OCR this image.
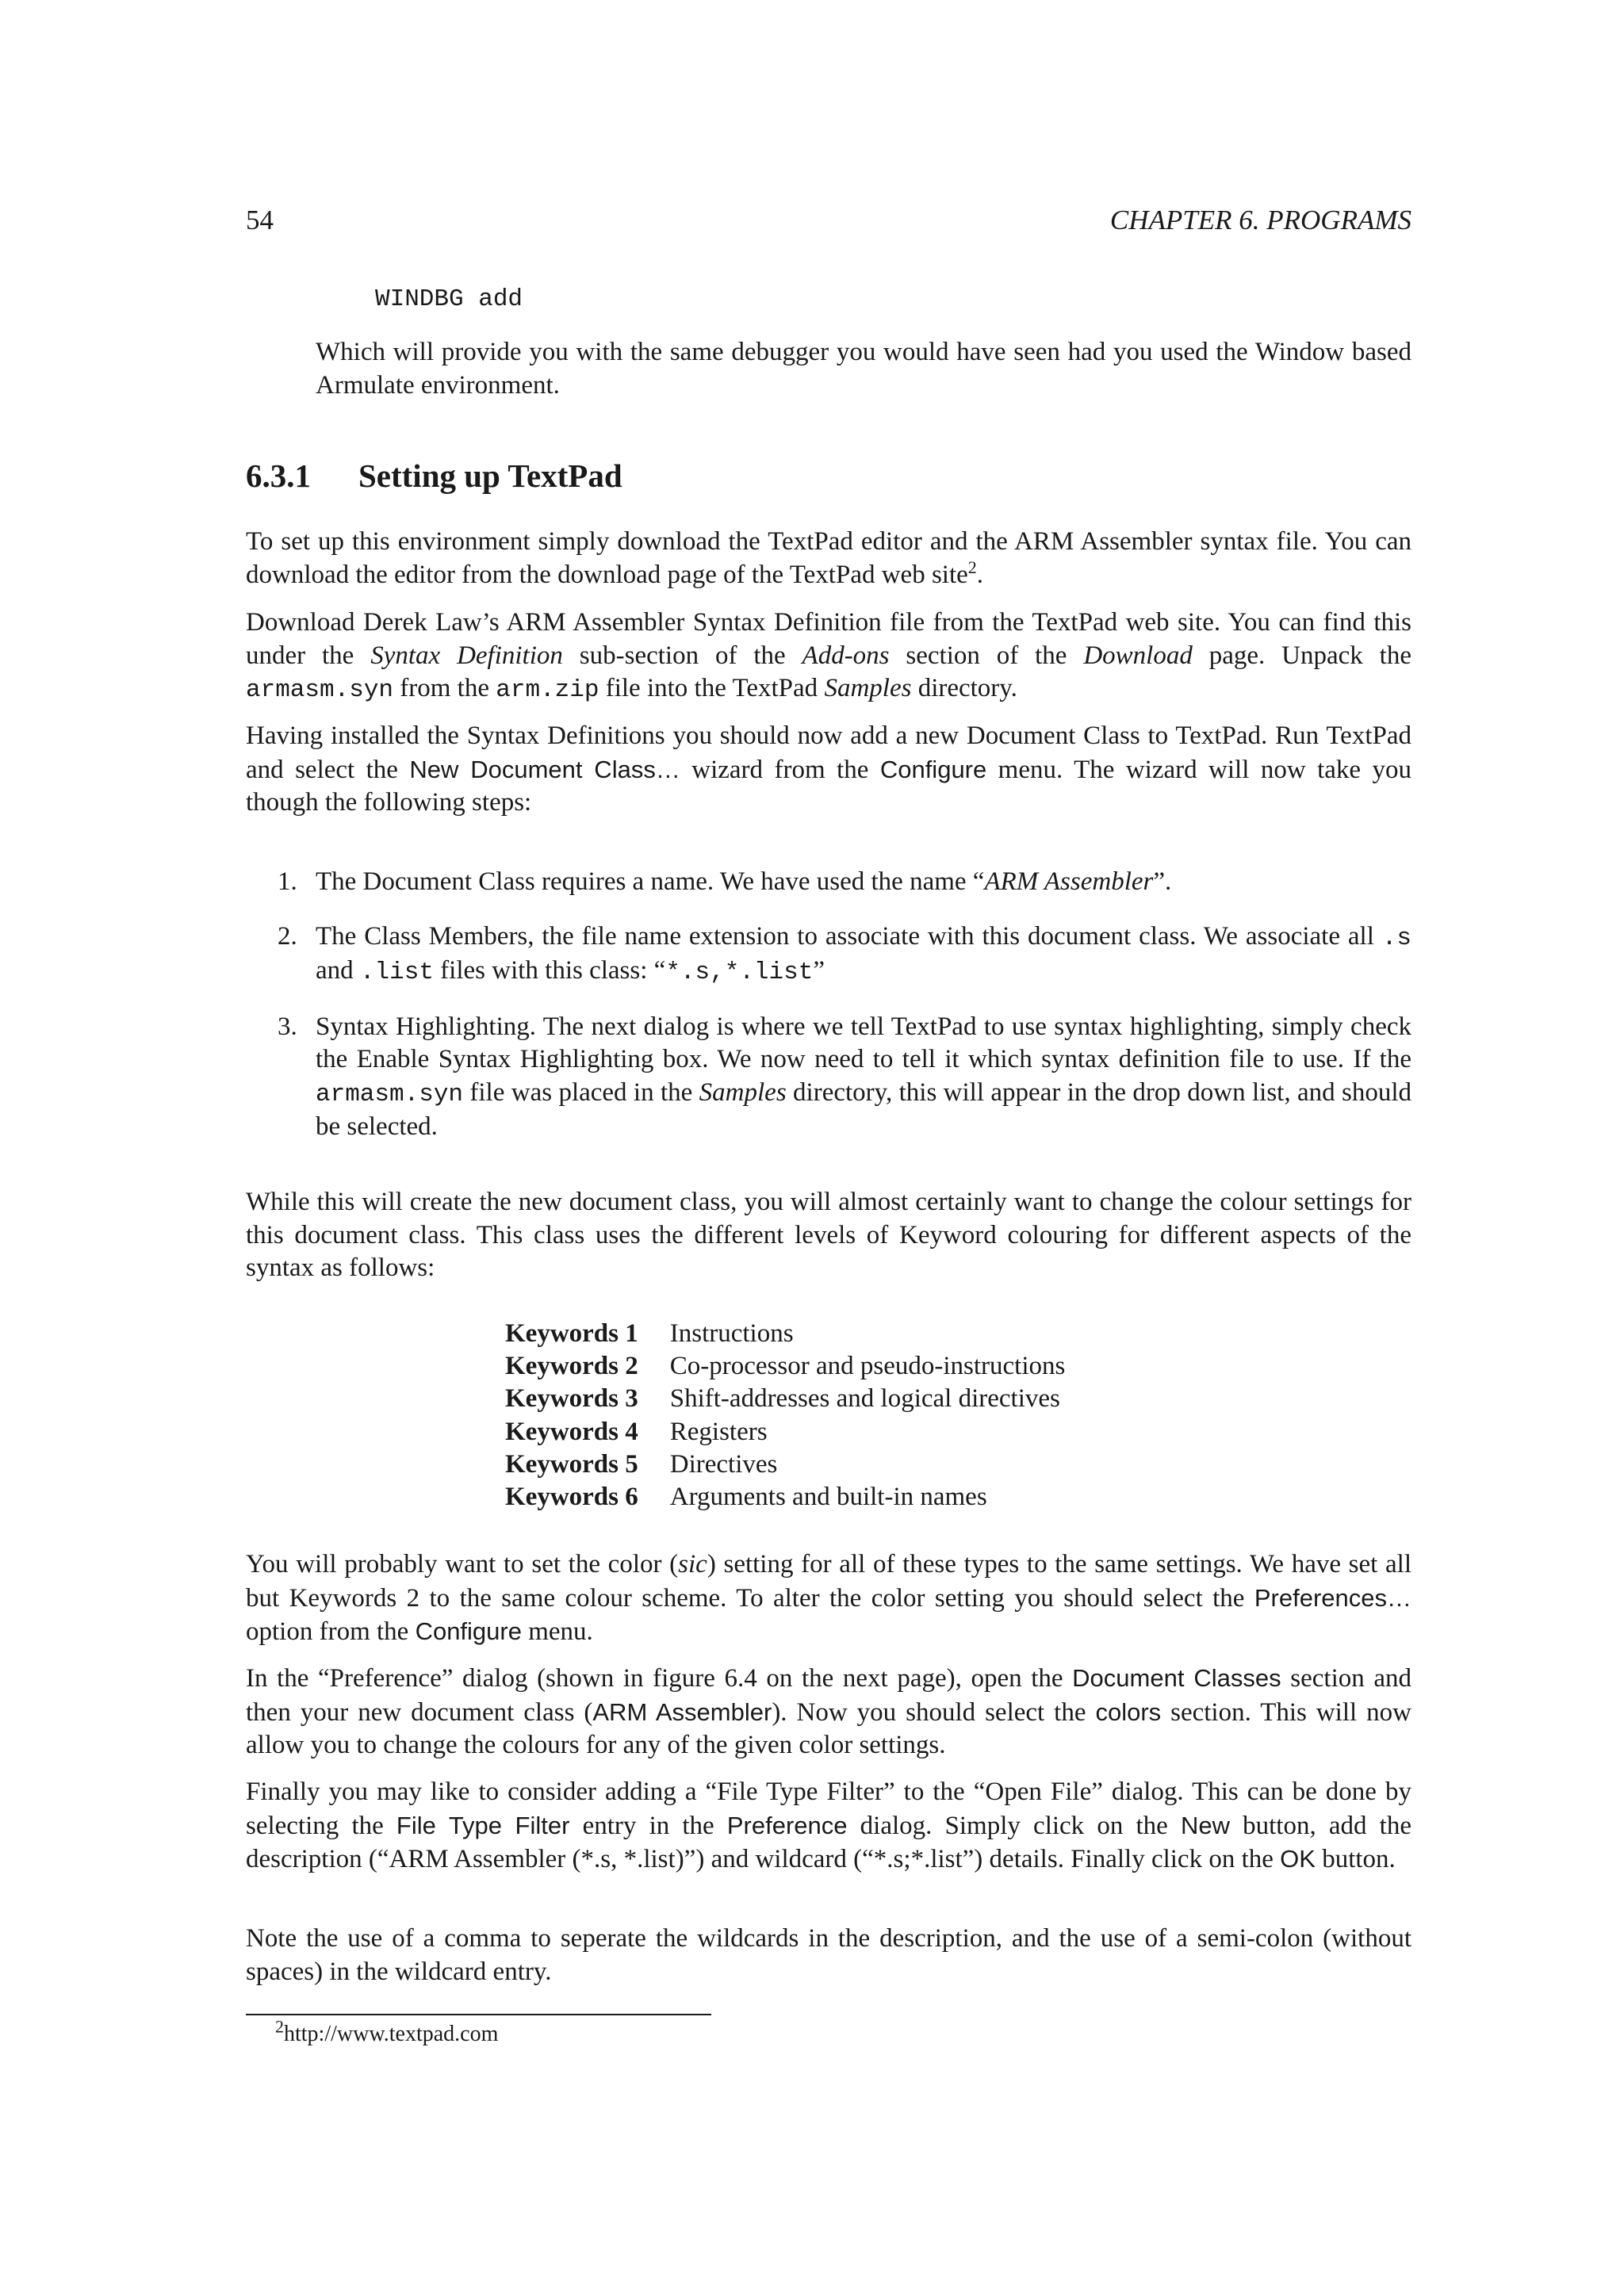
54	CHAPTER 6. PROGRAMS
WINDBG add
Which will provide you with the same debugger you would have seen had you used the Window based Armulate environment.
6.3.1 Setting up TextPad
To set up this environment simply download the TextPad editor and the ARM Assembler syntax file. You can download the editor from the download page of the TextPad web site$^2$.
Download Derek Law’s ARM Assembler Syntax Definition file from the TextPad web site. You can find this under the Syntax Definition sub-section of the Add-ons section of the Download page. Unpack the armasm.syn from the arm.zip file into the TextPad Samples directory.
Having installed the Syntax Definitions you should now add a new Document Class to TextPad. Run TextPad and select the New Document Class… wizard from the Configure menu. The wizard will now take you though the following steps:
1. The Document Class requires a name. We have used the name “ARM Assembler”.
2. The Class Members, the file name extension to associate with this document class. We associate all .s and .list files with this class: “*.s,*.list”
3. Syntax Highlighting. The next dialog is where we tell TextPad to use syntax highlighting, simply check the Enable Syntax Highlighting box. We now need to tell it which syntax definition file to use. If the armasm.syn file was placed in the Samples directory, this will appear in the drop down list, and should be selected.
While this will create the new document class, you will almost certainly want to change the colour settings for this document class. This class uses the different levels of Keyword colouring for different aspects of the syntax as follows:
Keywords 1	Instructions
Keywords 2	Co-processor and pseudo-instructions
Keywords 3	Shift-addresses and logical directives
Keywords 4	Registers
Keywords 5	Directives
Keywords 6	Arguments and built-in names
You will probably want to set the color (sic) setting for all of these types to the same settings. We have set all but Keywords 2 to the same colour scheme. To alter the color setting you should select the Preferences… option from the Configure menu.
In the “Preference” dialog (shown in figure 6.4 on the next page), open the Document Classes section and then your new document class (ARM Assembler). Now you should select the colors section. This will now allow you to change the colours for any of the given color settings.
Finally you may like to consider adding a “File Type Filter” to the “Open File” dialog. This can be done by selecting the File Type Filter entry in the Preference dialog. Simply click on the New button, add the description (“ARM Assembler (*.s, *.list)”) and wildcard (“*.s;*.list”) details. Finally click on the OK button.
Note the use of a comma to seperate the wildcards in the description, and the use of a semi-colon (without spaces) in the wildcard entry.
$^2$http://www.textpad.com
